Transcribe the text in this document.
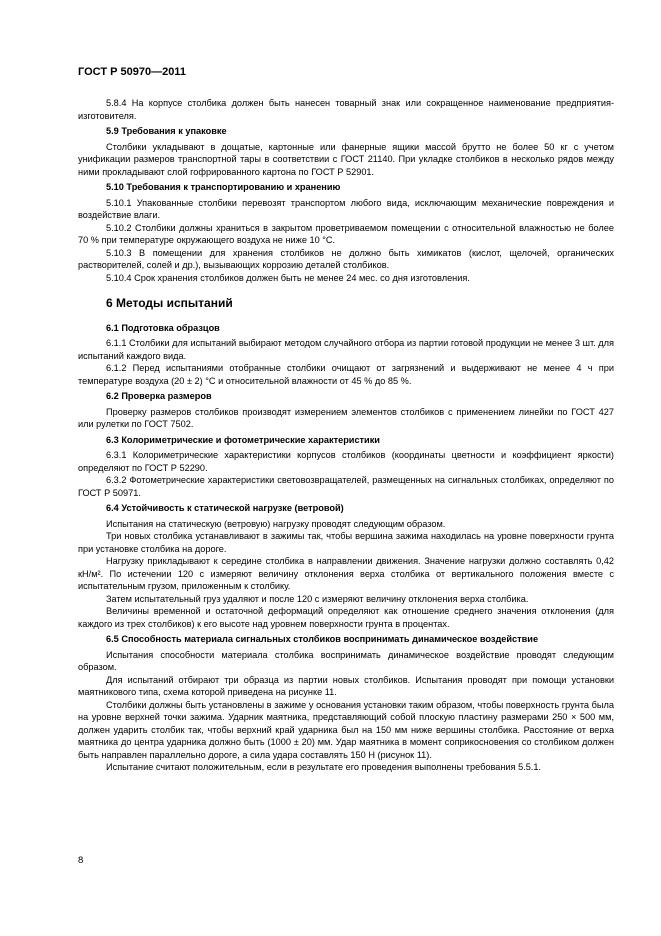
ГОСТ Р 50970—2011

5.8.4 На корпусе столбика должен быть нанесен товарный знак или сокращенное наименование предприятия-изготовителя.

5.9 Требования к упаковке

Столбики укладывают в дощатые, картонные или фанерные ящики массой брутто не более 50 кг с учетом унификации размеров транспортной тары в соответствии с ГОСТ 21140. При укладке столбиков в несколько рядов между ними прокладывают слой гофрированного картона по ГОСТ Р 52901.

5.10 Требования к транспортированию и хранению

5.10.1 Упакованные столбики перевозят транспортом любого вида, исключающим механические повреждения и воздействие влаги.

5.10.2 Столбики должны храниться в закрытом проветриваемом помещении с относительной влажностью не более 70 % при температуре окружающего воздуха не ниже 10 °С.

5.10.3 В помещении для хранения столбиков не должно быть химикатов (кислот, щелочей, органических растворителей, солей и др.), вызывающих коррозию деталей столбиков.

5.10.4 Срок хранения столбиков должен быть не менее 24 мес. со дня изготовления.

6 Методы испытаний
6.1 Подготовка образцов

6.1.1 Столбики для испытаний выбирают методом случайного отбора из партии готовой продукции не менее 3 шт. для испытаний каждого вида.

6.1.2 Перед испытаниями отобранные столбики очищают от загрязнений и выдерживают не менее 4 ч при температуре воздуха (20 ± 2) °С и относительной влажности от 45 % до 85 %.

6.2 Проверка размеров

Проверку размеров столбиков производят измерением элементов столбиков с применением линейки по ГОСТ 427 или рулетки по ГОСТ 7502.

6.3 Колориметрические и фотометрические характеристики

6.3.1 Колориметрические характеристики корпусов столбиков (координаты цветности и коэффициент яркости) определяют по ГОСТ Р 52290.

6.3.2 Фотометрические характеристики световозвращателей, размещенных на сигнальных столбиках, определяют по ГОСТ Р 50971.

6.4 Устойчивость к статической нагрузке (ветровой)

Испытания на статическую (ветровую) нагрузку проводят следующим образом.

Три новых столбика устанавливают в зажимы так, чтобы вершина зажима находилась на уровне поверхности грунта при установке столбика на дороге.

Нагрузку прикладывают к середине столбика в направлении движения. Значение нагрузки должно составлять 0,42 кН/м². По истечении 120 с измеряют величину отклонения верха столбика от вертикального положения вместе с испытательным грузом, приложенным к столбику.

Затем испытательный груз удаляют и после 120 с измеряют величину отклонения верха столбика.

Величины временной и остаточной деформаций определяют как отношение среднего значения отклонения (для каждого из трех столбиков) к его высоте над уровнем поверхности грунта в процентах.

6.5 Способность материала сигнальных столбиков воспринимать динамическое воздействие

Испытания способности материала столбика воспринимать динамическое воздействие проводят следующим образом.

Для испытаний отбирают три образца из партии новых столбиков. Испытания проводят при помощи установки маятникового типа, схема которой приведена на рисунке 11.

Столбики должны быть установлены в зажиме у основания установки таким образом, чтобы поверхность грунта была на уровне верхней точки зажима. Ударник маятника, представляющий собой плоскую пластину размерами 250 × 500 мм, должен ударить столбик так, чтобы верхний край ударника был на 150 мм ниже вершины столбика. Расстояние от верха маятника до центра ударника должно быть (1000 ± 20) мм. Удар маятника в момент соприкосновения со столбиком должен быть направлен параллельно дороге, а сила удара составлять 150 Н (рисунок 11).

Испытание считают положительным, если в результате его проведения выполнены требования 5.5.1.

8
